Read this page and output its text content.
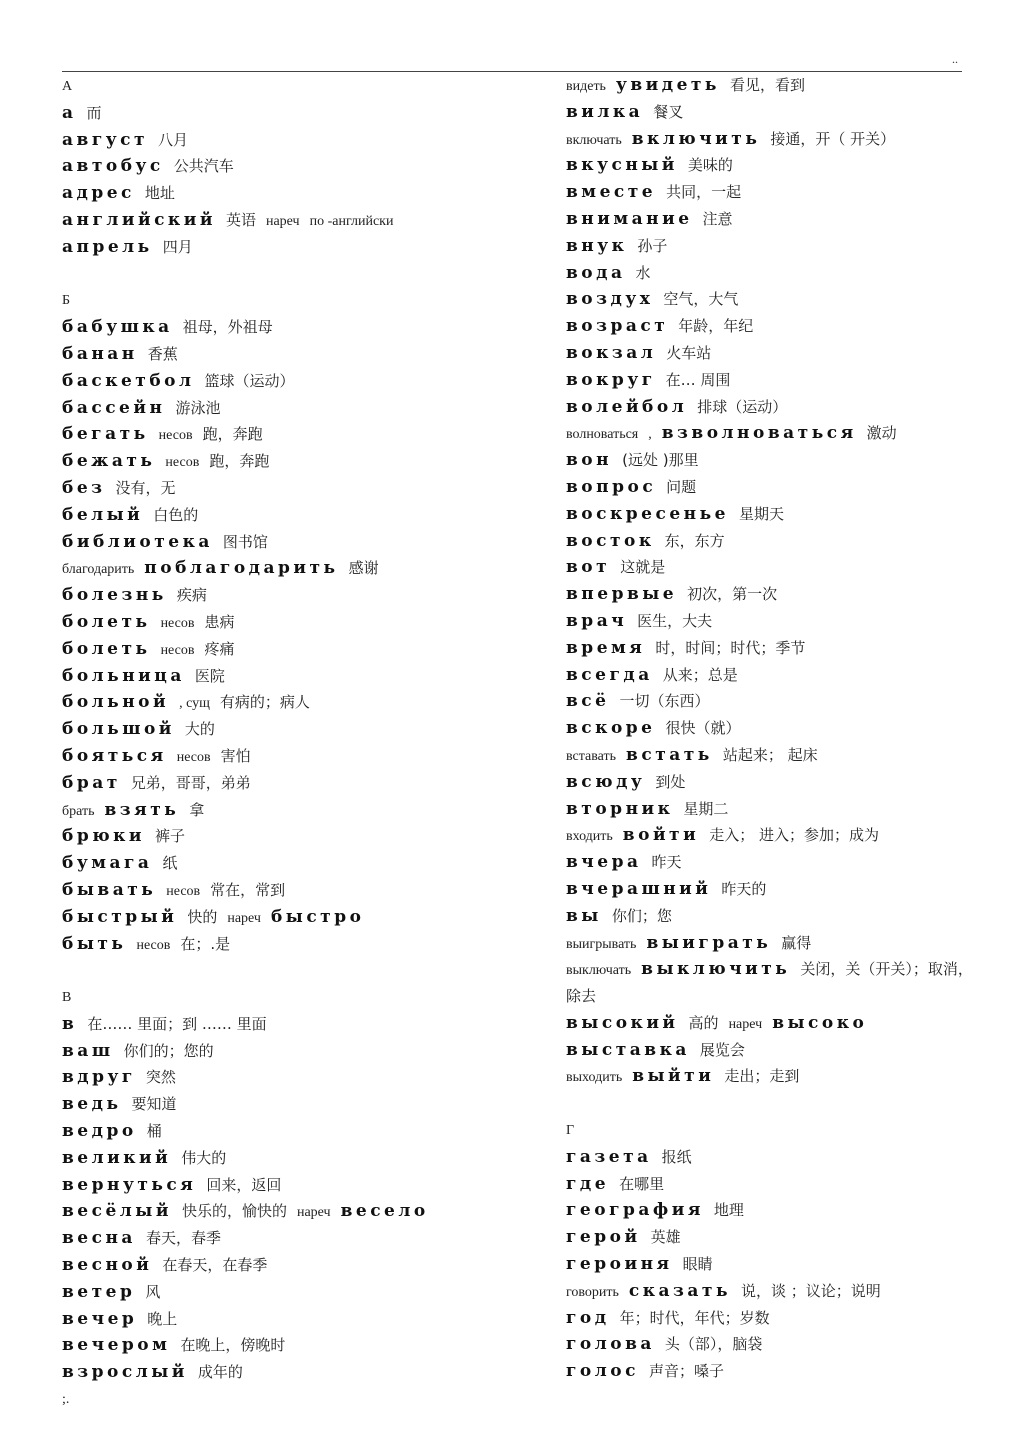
..
А
а 而
август 八月
автобус 公共汽车
адрес 地址
английский 英语 нареч по -английски
апрель 四月
Б
бабушка 祖母，外祖母
банан 香蕉
баскетбол 篮球（运动）
бассейн 游泳池
бегать несов 跑，奔跑
бежать несов 跑，奔跑
без 没有，无
белый 白色的
библиотека 图书馆
благодарить поблагодарить 感谢
болезнь 疾病
болеть несов 患病
болеть несов 疼痛
больница 医院
больной , сущ 有病的；病人
большой 大的
бояться несов 害怕
брат 兄弟，哥哥，弟弟
брать взять 拿
брюки 裤子
бумага 纸
бывать несов 常在，常到
быстрый 快的 нареч быстро
быть несов 在；.是
В
в 在…… 里面；到 …… 里面
ваш 你们的；您的
вдруг 突然
ведь 要知道
ведро 桶
великий 伟大的
вернуться 回来，返回
весёлый 快乐的，愉快的 нареч весело
весна 春天，春季
весной 在春天，在春季
ветер 风
вечер 晚上
вечером 在晚上，傍晚时
взрослый 成年的
;.
видеть увидеть 看见，看到
вилка 餐叉
включать включить 接通，开（ 开关）
вкусный 美味的
вместе 共同，一起
внимание 注意
внук 孙子
вода 水
воздух 空气，大气
возраст 年龄，年纪
вокзал 火车站
вокруг 在… 周围
волейбол 排球（运动）
волноваться , взволноваться 激动
вон (远处 )那里
вопрос 问题
воскресенье 星期天
восток 东，东方
вот 这就是
впервые 初次，第一次
врач 医生，大夫
время 时，时间；时代；季节
всегда 从来；总是
всё 一切（东西）
вскоре 很快（就）
вставать встать 站起来； 起床
всюду 到处
вторник 星期二
входить войти 走入； 进入；参加；成为
вчера 昨天
вчерашний 昨天的
вы 你们；您
выигрывать выиграть 赢得
выключать выключить 关闭，关（开关）；取消，
除去
высокий 高的 нареч высоко
выставка 展览会
выходить выйти 走出；走到
Г
газета 报纸
где 在哪里
география 地理
герой 英雄
героиня 眼睛
говорить сказать 说，谈 ；议论；说明
год 年；时代，年代；岁数
голова 头（部），脑袋
голос 声音；嗓子
